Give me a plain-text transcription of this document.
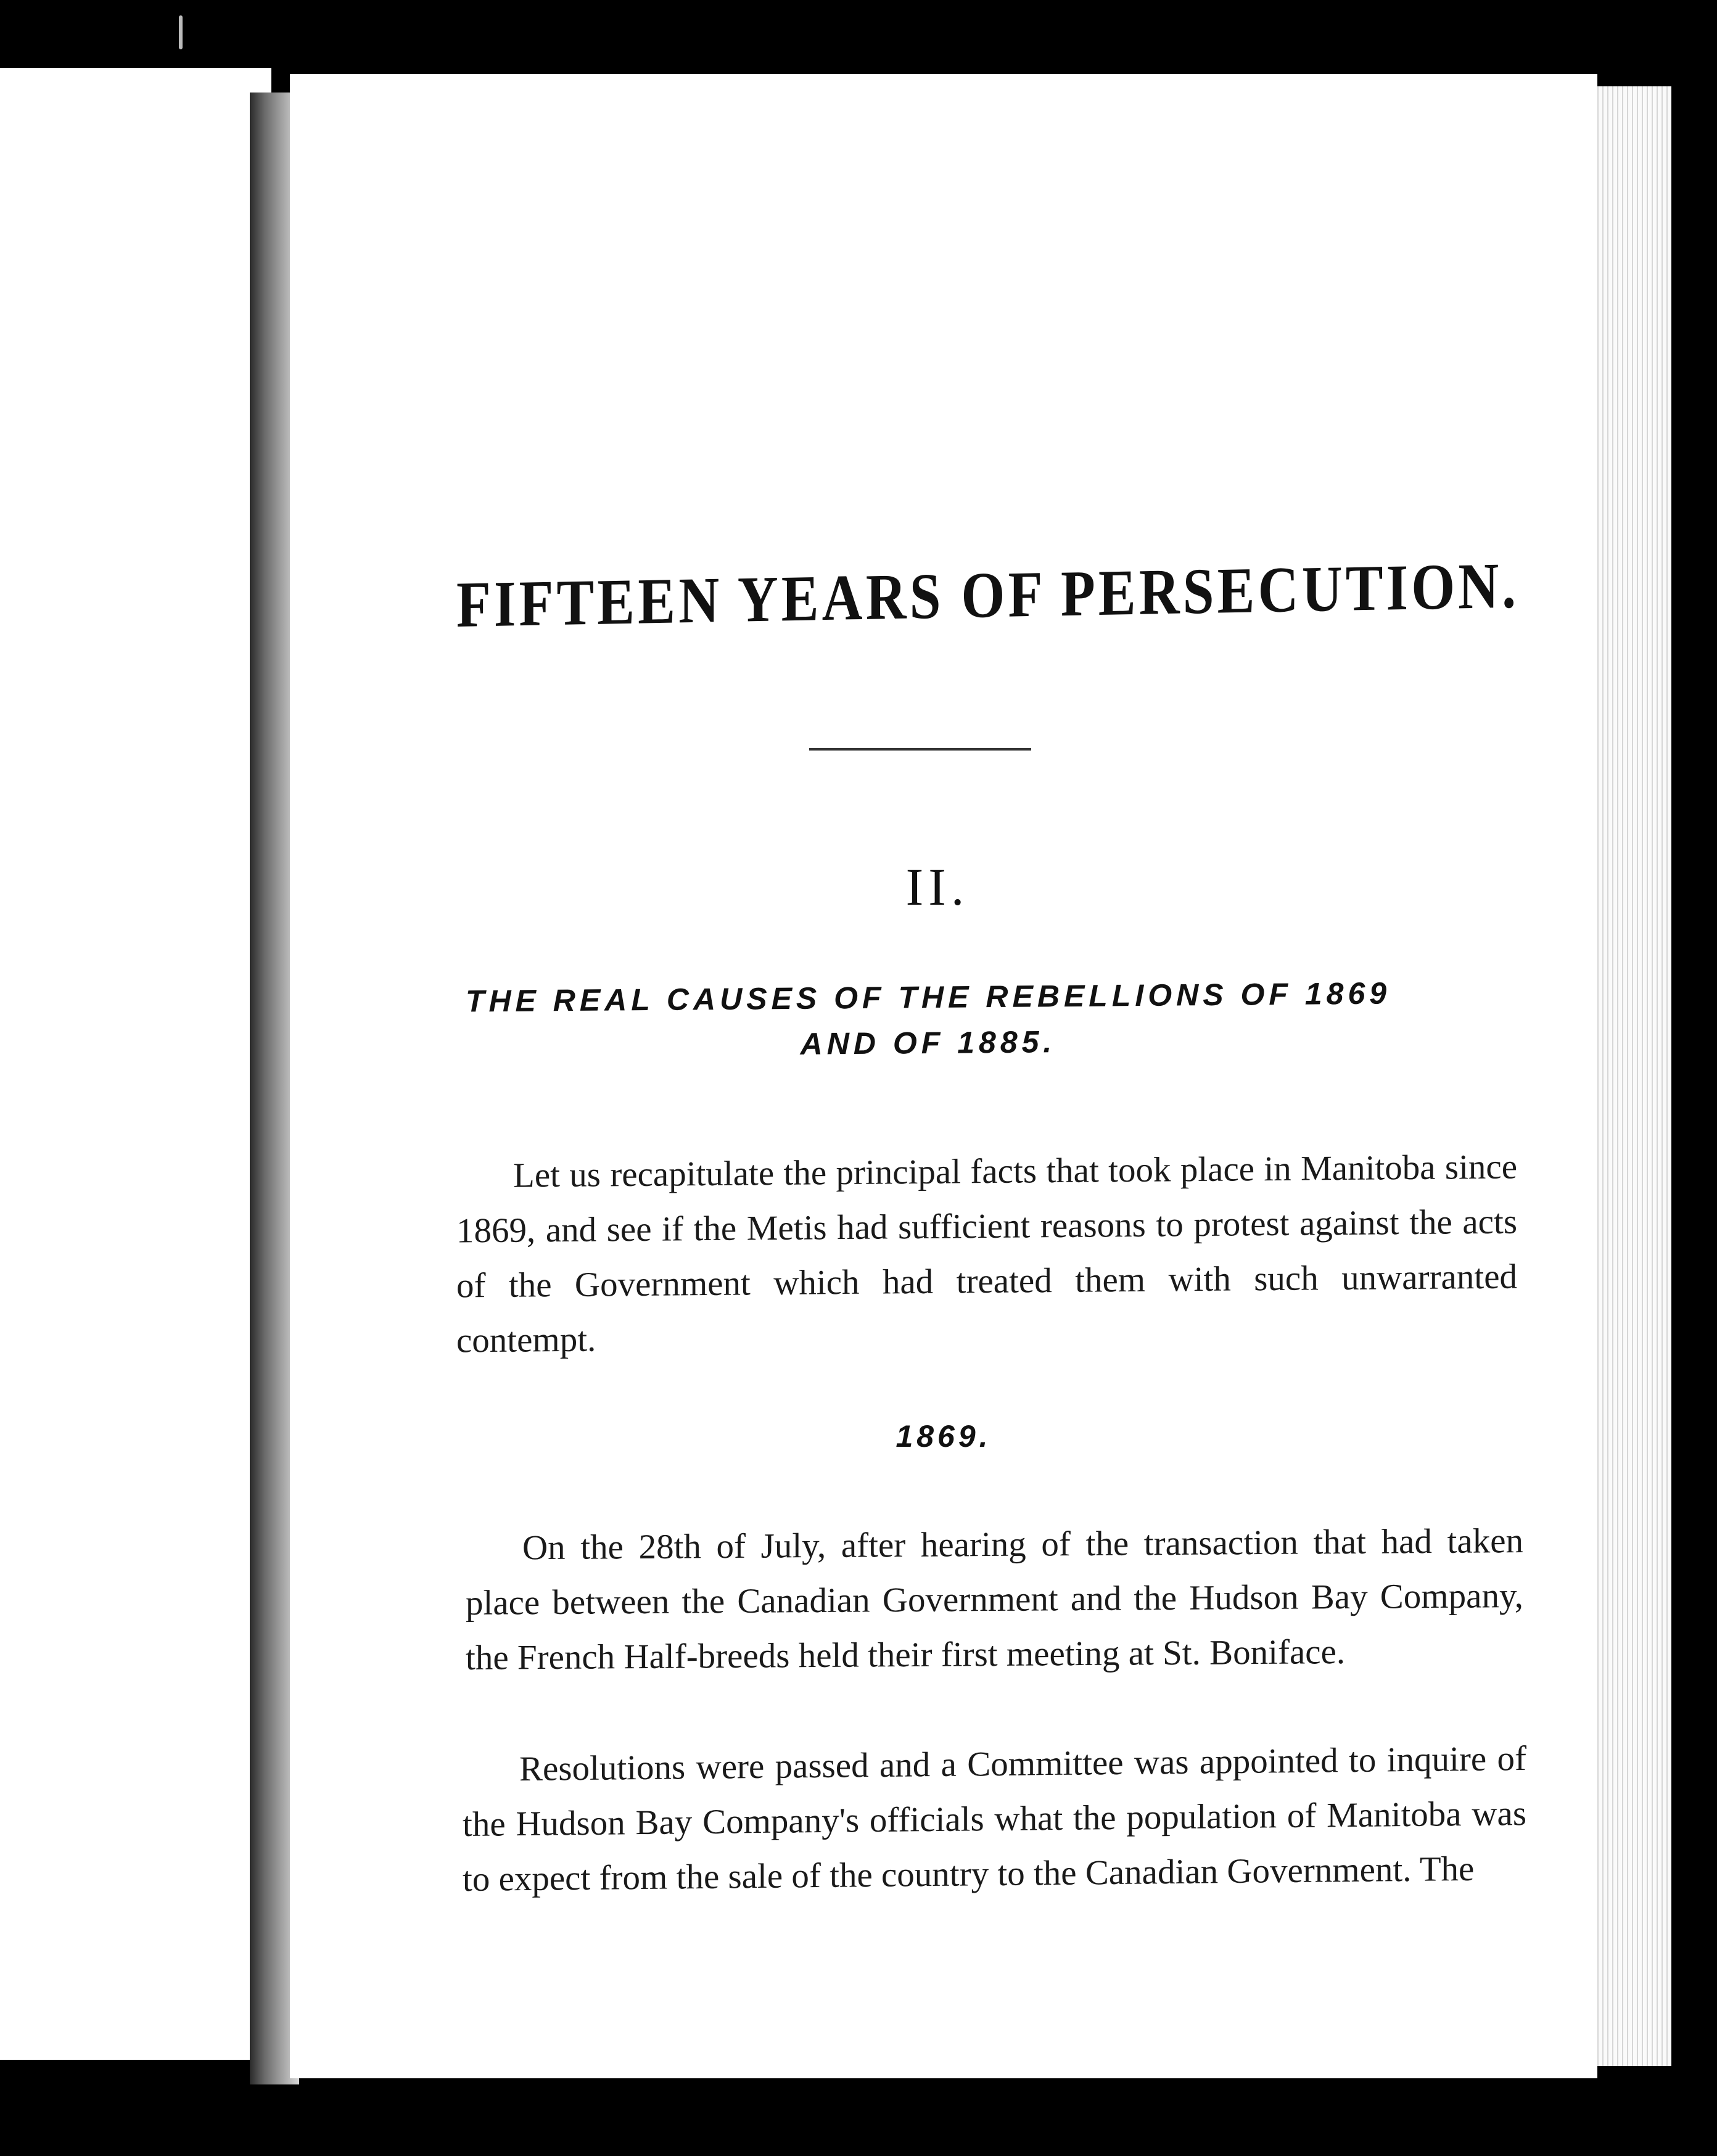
FIFTEEN YEARS OF PERSECUTION.
II.
THE REAL CAUSES OF THE REBELLIONS OF 1869 AND OF 1885.
Let us recapitulate the principal facts that took place in Manitoba since 1869, and see if the Metis had sufficient reasons to protest against the acts of the Government which had treated them with such unwarranted contempt.
1869.
On the 28th of July, after hearing of the transaction that had taken place between the Canadian Government and the Hudson Bay Company, the French Half-breeds held their first meeting at St. Boniface.
Resolutions were passed and a Committee was appointed to inquire of the Hudson Bay Company's officials what the population of Manitoba was to expect from the sale of the country to the Canadian Government. The
